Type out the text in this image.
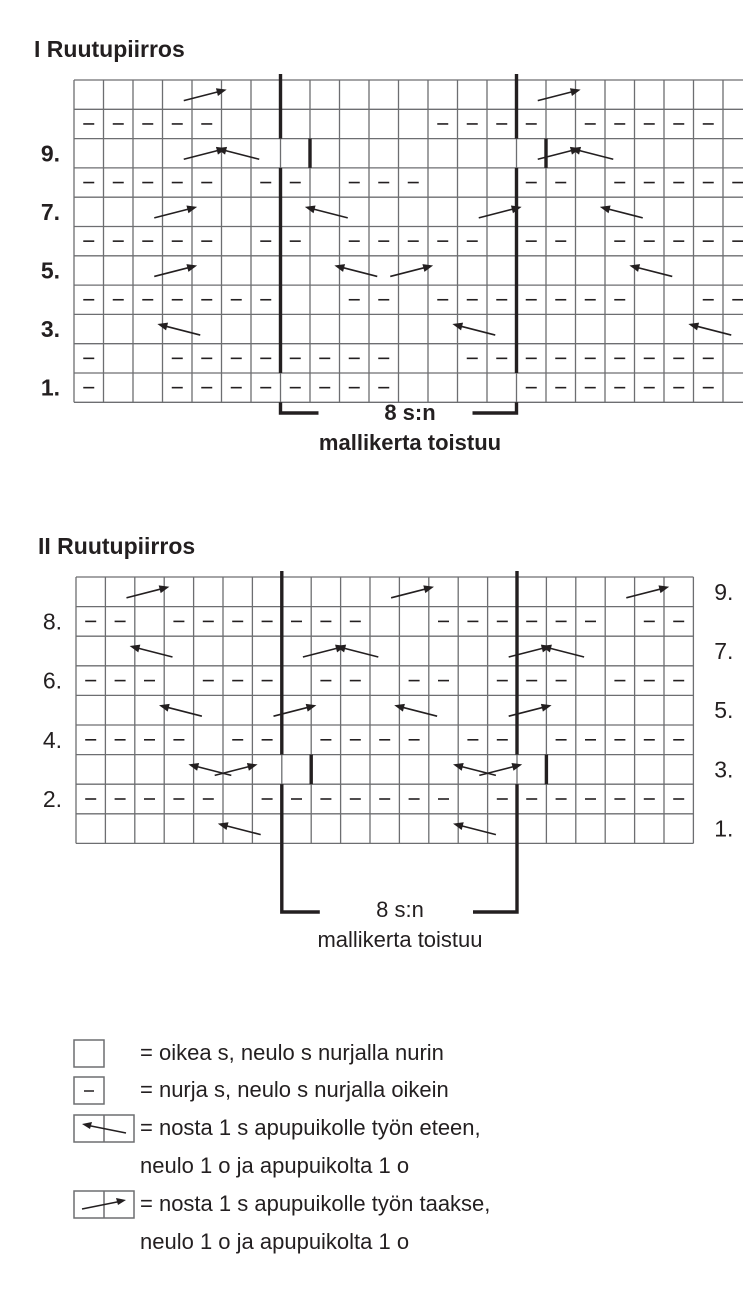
I Ruutupiirros
9.
7.
5.
3.
1.
8 s:n
mallikerta toistuu
II Ruutupiirros
9.
8.
7.
6.
5.
4.
3.
2.
1.
8 s:n
mallikerta toistuu
= oikea s, neulo s nurjalla nurin
= nurja s, neulo s nurjalla oikein
= nosta 1 s apupuikolle työn eteen,
neulo 1 o ja apupuikolta 1 o
= nosta 1 s apupuikolle työn taakse,
neulo 1 o ja apupuikolta 1 o
